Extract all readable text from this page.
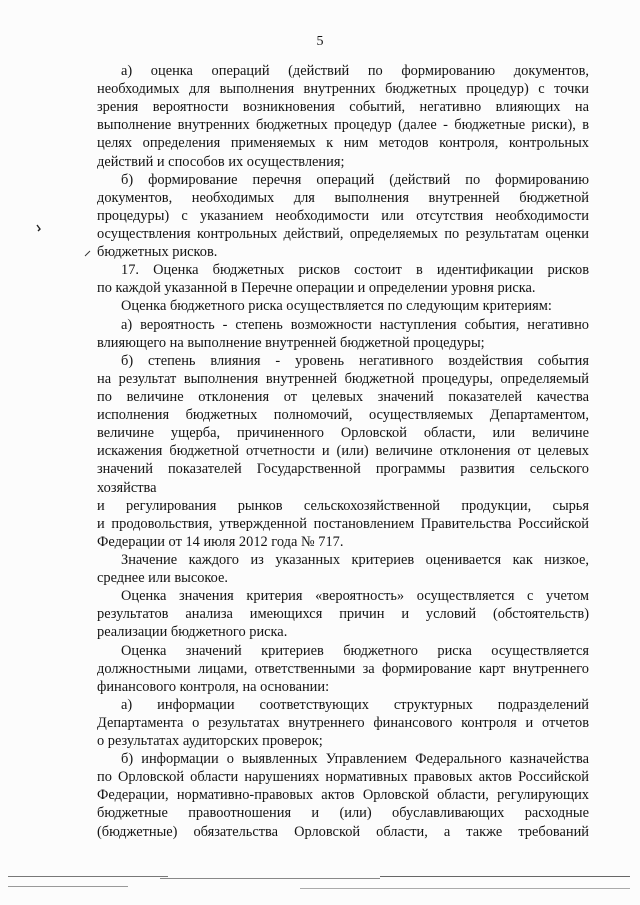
5
а) оценка операций (действий по формированию документов,
необходимых для выполнения внутренних бюджетных процедур) с точки
зрения вероятности возникновения событий, негативно влияющих на
выполнение внутренних бюджетных процедур (далее - бюджетные риски), в
целях определения применяемых к ним методов контроля, контрольных
действий и способов их осуществления;
б) формирование перечня операций (действий по формированию
документов, необходимых для выполнения внутренней бюджетной
процедуры) с указанием необходимости или отсутствия необходимости
осуществления контрольных действий, определяемых по результатам оценки
бюджетных рисков.
17. Оценка бюджетных рисков состоит в идентификации рисков
по каждой указанной в Перечне операции и определении уровня риска.
Оценка бюджетного риска осуществляется по следующим критериям:
а) вероятность - степень возможности наступления события, негативно
влияющего на выполнение внутренней бюджетной процедуры;
б) степень влияния - уровень негативного воздействия события
на результат выполнения внутренней бюджетной процедуры, определяемый
по величине отклонения от целевых значений показателей качества
исполнения бюджетных полномочий, осуществляемых Департаментом,
величине ущерба, причиненного Орловской области, или величине
искажения бюджетной отчетности и (или) величине отклонения от целевых
значений показателей Государственной программы развития сельского
хозяйства
и регулирования рынков сельскохозяйственной продукции, сырья
и продовольствия, утвержденной постановлением Правительства Российской
Федерации от 14 июля 2012 года № 717.
Значение каждого из указанных критериев оценивается как низкое,
среднее или высокое.
Оценка значения критерия «вероятность» осуществляется с учетом
результатов анализа имеющихся причин и условий (обстоятельств)
реализации бюджетного риска.
Оценка значений критериев бюджетного риска осуществляется
должностными лицами, ответственными за формирование карт внутреннего
финансового контроля, на основании:
а) информации соответствующих структурных подразделений
Департамента о результатах внутреннего финансового контроля и отчетов
о результатах аудиторских проверок;
б) информации о выявленных Управлением Федерального казначейства
по Орловской области нарушениях нормативных правовых актов Российской
Федерации, нормативно-правовых актов Орловской области, регулирующих
бюджетные правоотношения и (или) обуславливающих расходные
(бюджетные) обязательства Орловской области, а также требований
